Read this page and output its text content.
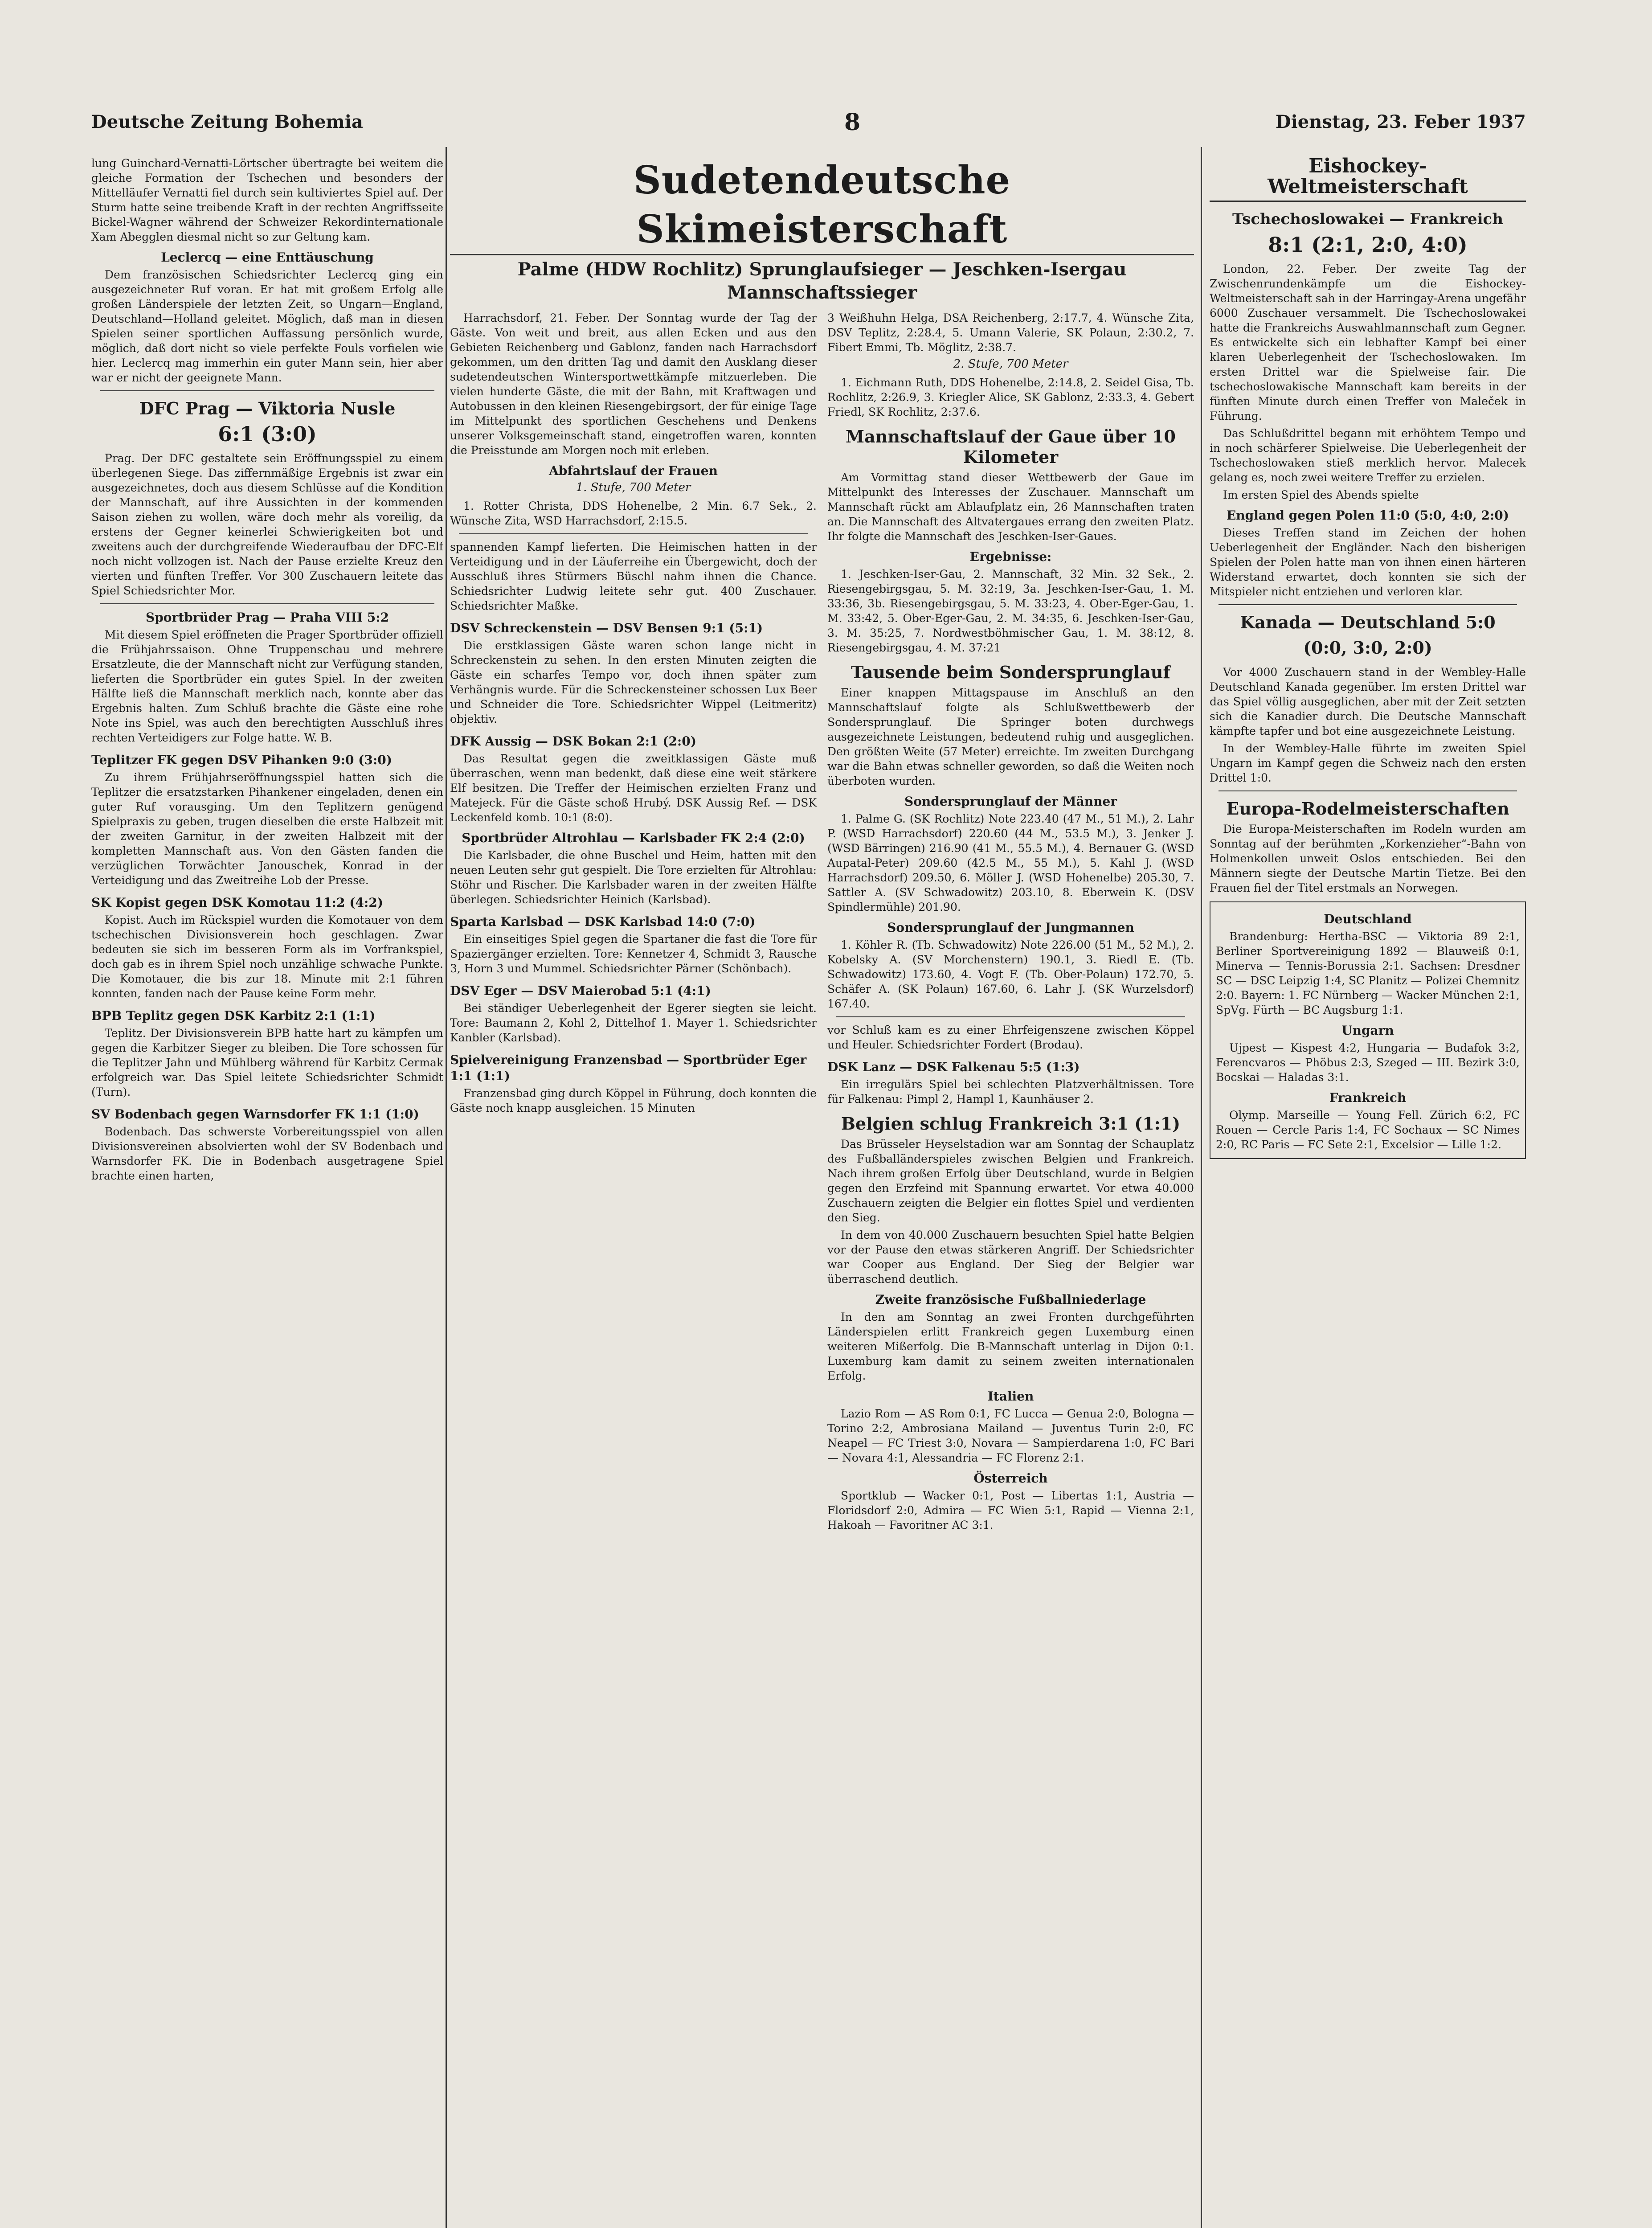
Deutsche Zeitung Bohemia	8	Dienstag, 23. Feber 1937

lung Guinchard-Vernatti-Lörtscher übertragte bei weitem die gleiche Formation der Tschechen und besonders der Mittelläufer Vernatti fiel durch sein kultiviertes Spiel auf. Der Sturm hatte seine treibende Kraft in der rechten Angriffsseite Bickel-Wagner während der Schweizer Rekordinternationale Xam Abegglen diesmal nicht so zur Geltung kam.

Leclercq — eine Enttäuschung

Dem französischen Schiedsrichter Leclercq ging ein ausgezeichneter Ruf voran. Er hat mit großem Erfolg alle großen Länderspiele der letzten Zeit, so Ungarn—England, Deutschland—Holland geleitet. Möglich, daß man in diesen Spielen seiner sportlichen Auffassung persönlich wurde, möglich, daß dort nicht so viele perfekte Fouls vorfielen wie hier. Leclercq mag immerhin ein guter Mann sein, hier aber war er nicht der geeignete Mann.

DFC Prag — Viktoria Nusle
6:1 (3:0)

Prag. Der DFC gestaltete sein Eröffnungsspiel zu einem überlegenen Siege. Das ziffernmäßige Ergebnis ist zwar ein ausgezeichnetes, doch aus diesem Schlüsse auf die Kondition der Mannschaft, auf ihre Aussichten in der kommenden Saison ziehen zu wollen, wäre doch mehr als voreilig, da erstens der Gegner keinerlei Schwierigkeiten bot und zweitens auch der durchgreifende Wiederaufbau der DFC-Elf noch nicht vollzogen ist. Nach der Pause erzielte Kreuz den vierten und fünften Treffer. Vor 300 Zuschauern leitete das Spiel Schiedsrichter Mor.

Sportbrüder Prag — Praha VIII 5:2

Mit diesem Spiel eröffneten die Prager Sportbrüder offiziell die Frühjahrssaison. Ohne Truppenschau und mehrere Ersatzleute, die der Mannschaft nicht zur Verfügung standen, lieferten die Sportbrüder ein gutes Spiel. In der zweiten Hälfte ließ die Mannschaft merklich nach, konnte aber das Ergebnis halten. Zum Schluß brachte die Gäste eine rohe Note ins Spiel, was auch den berechtigten Ausschluß ihres rechten Verteidigers zur Folge hatte. W. B.

Teplitzer FK gegen DSV Pihanken 9:0 (3:0)

Zu ihrem Frühjahrseröffnungsspiel hatten sich die Teplitzer die ersatzstarken Pihankener eingeladen, denen ein guter Ruf vorausging. Um den Teplitzern genügend Spielpraxis zu geben, trugen dieselben die erste Halbzeit mit der zweiten Garnitur, in der zweiten Halbzeit mit der kompletten Mannschaft aus. Von den Gästen fanden die verzüglichen Torwächter Janouschek, Konrad in der Verteidigung und das Zweitreihe Lob der Presse.

SK Kopist gegen DSK Komotau 11:2 (4:2)

Kopist. Auch im Rückspiel wurden die Komotauer von dem tschechischen Divisionsverein hoch geschlagen. Zwar bedeuten sie sich im besseren Form als im Vorfrankspiel, doch gab es in ihrem Spiel noch unzählige schwache Punkte. Die Komotauer, die bis zur 18. Minute mit 2:1 führen konnten, fanden nach der Pause keine Form mehr.

BPB Teplitz gegen DSK Karbitz 2:1 (1:1)

Teplitz. Der Divisionsverein BPB hatte hart zu kämpfen um gegen die Karbitzer Sieger zu bleiben. Die Tore schossen für die Teplitzer Jahn und Mühlberg während für Karbitz Cermak erfolgreich war. Das Spiel leitete Schiedsrichter Schmidt (Turn).

SV Bodenbach gegen Warnsdorfer FK 1:1 (1:0)

Bodenbach. Das schwerste Vorbereitungsspiel von allen Divisionsvereinen absolvierten wohl der SV Bodenbach und Warnsdorfer FK. Die in Bodenbach ausgetragene Spiel brachte einen harten,

Sudetendeutsche Skimeisterschaft
Palme (HDW Rochlitz) Sprunglaufsieger — Jeschken-Isergau
Mannschaftssieger

Harrachsdorf, 21. Feber. Der Sonntag wurde der Tag der Gäste. Von weit und breit, aus allen Ecken und aus den Gebieten Reichenberg und Gablonz, fanden nach Harrachsdorf gekommen, um den dritten Tag und damit den Ausklang dieser sudetendeutschen Wintersportwettkämpfe mitzuerleben. Die vielen hunderte Gäste, die mit der Bahn, mit Kraftwagen und Autobussen in den kleinen Riesengebirgsort, der für einige Tage im Mittelpunkt des sportlichen Geschehens und Denkens unserer Volksgemeinschaft stand, eingetroffen waren, konnten die Preisstunde am Morgen noch mit erleben.

Abfahrtslauf der Frauen
1. Stufe, 700 Meter

1. Rotter Christa, DDS Hohenelbe, 2 Min. 6.7 Sek., 2. Wünsche Zita, WSD Harrachsdorf, 2:15.5.

spannenden Kampf lieferten. Die Heimischen hatten in der Verteidigung und in der Läuferreihe ein Übergewicht, doch der Ausschluß ihres Stürmers Büschl nahm ihnen die Chance. Schiedsrichter Ludwig leitete sehr gut. 400 Zuschauer. Schiedsrichter Maßke.

DSV Schreckenstein — DSV Bensen 9:1 (5:1)

Die erstklassigen Gäste waren schon lange nicht in Schreckenstein zu sehen. In den ersten Minuten zeigten die Gäste ein scharfes Tempo vor, doch ihnen später zum Verhängnis wurde. Für die Schreckensteiner schossen Lux Beer und Schneider die Tore. Schiedsrichter Wippel (Leitmeritz) objektiv.

DFK Aussig — DSK Bokan 2:1 (2:0)

Das Resultat gegen die zweitklassigen Gäste muß überraschen, wenn man bedenkt, daß diese eine weit stärkere Elf besitzen. Die Treffer der Heimischen erzielten Franz und Matejeck. Für die Gäste schoß Hrubý. DSK Aussig Ref. — DSK Leckenfeld komb. 10:1 (8:0).

Sportbrüder Altrohlau — Karlsbader FK 2:4 (2:0)

Die Karlsbader, die ohne Buschel und Heim, hatten mit den neuen Leuten sehr gut gespielt. Die Tore erzielten für Altrohlau: Stöhr und Rischer. Die Karlsbader waren in der zweiten Hälfte überlegen. Schiedsrichter Heinich (Karlsbad).

Sparta Karlsbad — DSK Karlsbad 14:0 (7:0)

Ein einseitiges Spiel gegen die Spartaner die fast die Tore für Spaziergänger erzielten. Tore: Kennetzer 4, Schmidt 3, Rausche 3, Horn 3 und Mummel. Schiedsrichter Pärner (Schönbach).

DSV Eger — DSV Maierobad 5:1 (4:1)

Bei ständiger Ueberlegenheit der Egerer siegten sie leicht. Tore: Baumann 2, Kohl 2, Dittelhof 1. Mayer 1. Schiedsrichter Kanbler (Karlsbad).

Spielvereinigung Franzensbad — Sportbrüder Eger 1:1 (1:1)

Franzensbad ging durch Köppel in Führung, doch konnten die Gäste noch knapp ausgleichen. 15 Minuten

3 Weißhuhn Helga, DSA Reichenberg, 2:17.7, 4. Wünsche Zita, DSV Teplitz, 2:28.4, 5. Umann Valerie, SK Polaun, 2:30.2, 7. Fibert Emmi, Tb. Möglitz, 2:38.7.

2. Stufe, 700 Meter

1. Eichmann Ruth, DDS Hohenelbe, 2:14.8, 2. Seidel Gisa, Tb. Rochlitz, 2:26.9, 3. Kriegler Alice, SK Gablonz, 2:33.3, 4. Gebert Friedl, SK Rochlitz, 2:37.6.

Mannschaftslauf der Gaue über 10 Kilometer

Am Vormittag stand dieser Wettbewerb der Gaue im Mittelpunkt des Interesses der Zuschauer. Mannschaft um Mannschaft rückt am Ablaufplatz ein, 26 Mannschaften traten an. Die Mannschaft des Altvatergaues errang den zweiten Platz. Ihr folgte die Mannschaft des Jeschken-Iser-Gaues.

Ergebnisse:

1. Jeschken-Iser-Gau, 2. Mannschaft, 32 Min. 32 Sek., 2. Riesengebirgsgau, 5. M. 32:19, 3a. Jeschken-Iser-Gau, 1. M. 33:36, 3b. Riesengebirgsgau, 5. M. 33:23, 4. Ober-Eger-Gau, 1. M. 33:42, 5. Ober-Eger-Gau, 2. M. 34:35, 6. Jeschken-Iser-Gau, 3. M. 35:25, 7. Nordwestböhmischer Gau, 1. M. 38:12, 8. Riesengebirgsgau, 4. M. 37:21

Tausende beim Sondersprunglauf

Einer knappen Mittagspause im Anschluß an den Mannschaftslauf folgte als Schlußwettbewerb der Sondersprunglauf. Die Springer boten durchwegs ausgezeichnete Leistungen, bedeutend ruhig und ausgeglichen. Den größten Weite (57 Meter) erreichte. Im zweiten Durchgang war die Bahn etwas schneller geworden, so daß die Weiten noch überboten wurden.

Sondersprunglauf der Männer

1. Palme G. (SK Rochlitz) Note 223.40 (47 M., 51 M.), 2. Lahr P. (WSD Harrachsdorf) 220.60 (44 M., 53.5 M.), 3. Jenker J. (WSD Bärringen) 216.90 (41 M., 55.5 M.), 4. Bernauer G. (WSD Aupatal-Peter) 209.60 (42.5 M., 55 M.), 5. Kahl J. (WSD Harrachsdorf) 209.50, 6. Möller J. (WSD Hohenelbe) 205.30, 7. Sattler A. (SV Schwadowitz) 203.10, 8. Eberwein K. (DSV Spindlermühle) 201.90.

Sondersprunglauf der Jungmannen

1. Köhler R. (Tb. Schwadowitz) Note 226.00 (51 M., 52 M.), 2. Kobelsky A. (SV Morchenstern) 190.1, 3. Riedl E. (Tb. Schwadowitz) 173.60, 4. Vogt F. (Tb. Ober-Polaun) 172.70, 5. Schäfer A. (SK Polaun) 167.60, 6. Lahr J. (SK Wurzelsdorf) 167.40.

vor Schluß kam es zu einer Ehrfeigenszene zwischen Köppel und Heuler. Schiedsrichter Fordert (Brodau).

DSK Lanz — DSK Falkenau 5:5 (1:3)

Ein irregulärs Spiel bei schlechten Platzverhältnissen. Tore für Falkenau: Pimpl 2, Hampl 1, Kaunhäuser 2.

Belgien schlug Frankreich 3:1 (1:1)

Das Brüsseler Heyselstadion war am Sonntag der Schauplatz des Fußballänderspieles zwischen Belgien und Frankreich. Nach ihrem großen Erfolg über Deutschland, wurde in Belgien gegen den Erzfeind mit Spannung erwartet. Vor etwa 40.000 Zuschauern zeigten die Belgier ein flottes Spiel und verdienten den Sieg.

In dem von 40.000 Zuschauern besuchten Spiel hatte Belgien vor der Pause den etwas stärkeren Angriff. Der Schiedsrichter war Cooper aus England. Der Sieg der Belgier war überraschend deutlich.

Zweite französische Fußballniederlage

In den am Sonntag an zwei Fronten durchgeführten Länderspielen erlitt Frankreich gegen Luxemburg einen weiteren Mißerfolg. Die B-Mannschaft unterlag in Dijon 0:1. Luxemburg kam damit zu seinem zweiten internationalen Erfolg.

Italien

Lazio Rom — AS Rom 0:1, FC Lucca — Genua 2:0, Bologna — Torino 2:2, Ambrosiana Mailand — Juventus Turin 2:0, FC Neapel — FC Triest 3:0, Novara — Sampierdarena 1:0, FC Bari — Novara 4:1, Alessandria — FC Florenz 2:1.

Österreich

Sportklub — Wacker 0:1, Post — Libertas 1:1, Austria — Floridsdorf 2:0, Admira — FC Wien 5:1, Rapid — Vienna 2:1, Hakoah — Favoritner AC 3:1.

Eishockey-Weltmeisterschaft
Tschechoslowakei — Frankreich
8:1 (2:1, 2:0, 4:0)

London, 22. Feber. Der zweite Tag der Zwischenrundenkämpfe um die Eishockey-Weltmeisterschaft sah in der Harringay-Arena ungefähr 6000 Zuschauer versammelt. Die Tschechoslowakei hatte die Frankreichs Auswahlmannschaft zum Gegner. Es entwickelte sich ein lebhafter Kampf bei einer klaren Ueberlegenheit der Tschechoslowaken. Im ersten Drittel war die Spielweise fair. Die tschechoslowakische Mannschaft kam bereits in der fünften Minute durch einen Treffer von Maleček in Führung.

Das Schlußdrittel begann mit erhöhtem Tempo und in noch schärferer Spielweise. Die Ueberlegenheit der Tschechoslowaken stieß merklich hervor. Malecek gelang es, noch zwei weitere Treffer zu erzielen.

Im ersten Spiel des Abends spielte

England gegen Polen 11:0 (5:0, 4:0, 2:0)

Dieses Treffen stand im Zeichen der hohen Ueberlegenheit der Engländer. Nach den bisherigen Spielen der Polen hatte man von ihnen einen härteren Widerstand erwartet, doch konnten sie sich der Mitspieler nicht entziehen und verloren klar.

Kanada — Deutschland 5:0
(0:0, 3:0, 2:0)

Vor 4000 Zuschauern stand in der Wembley-Halle Deutschland Kanada gegenüber. Im ersten Drittel war das Spiel völlig ausgeglichen, aber mit der Zeit setzten sich die Kanadier durch. Die Deutsche Mannschaft kämpfte tapfer und bot eine ausgezeichnete Leistung.

In der Wembley-Halle führte im zweiten Spiel Ungarn im Kampf gegen die Schweiz nach den ersten Drittel 1:0.

Europa-Rodelmeisterschaften

Die Europa-Meisterschaften im Rodeln wurden am Sonntag auf der berühmten „Korkenzieher“-Bahn von Holmenkollen unweit Oslos entschieden. Bei den Männern siegte der Deutsche Martin Tietze. Bei den Frauen fiel der Titel erstmals an Norwegen.

Deutschland

Brandenburg: Hertha-BSC — Viktoria 89 2:1, Berliner Sportvereinigung 1892 — Blauweiß 0:1, Minerva — Tennis-Borussia 2:1. Sachsen: Dresdner SC — DSC Leipzig 1:4, SC Planitz — Polizei Chemnitz 2:0. Bayern: 1. FC Nürnberg — Wacker München 2:1, SpVg. Fürth — BC Augsburg 1:1.

Ungarn

Ujpest — Kispest 4:2, Hungaria — Budafok 3:2, Ferencvaros — Phöbus 2:3, Szeged — III. Bezirk 3:0, Bocskai — Haladas 3:1.

Frankreich

Olymp. Marseille — Young Fell. Zürich 6:2, FC Rouen — Cercle Paris 1:4, FC Sochaux — SC Nimes 2:0, RC Paris — FC Sete 2:1, Excelsior — Lille 1:2.
